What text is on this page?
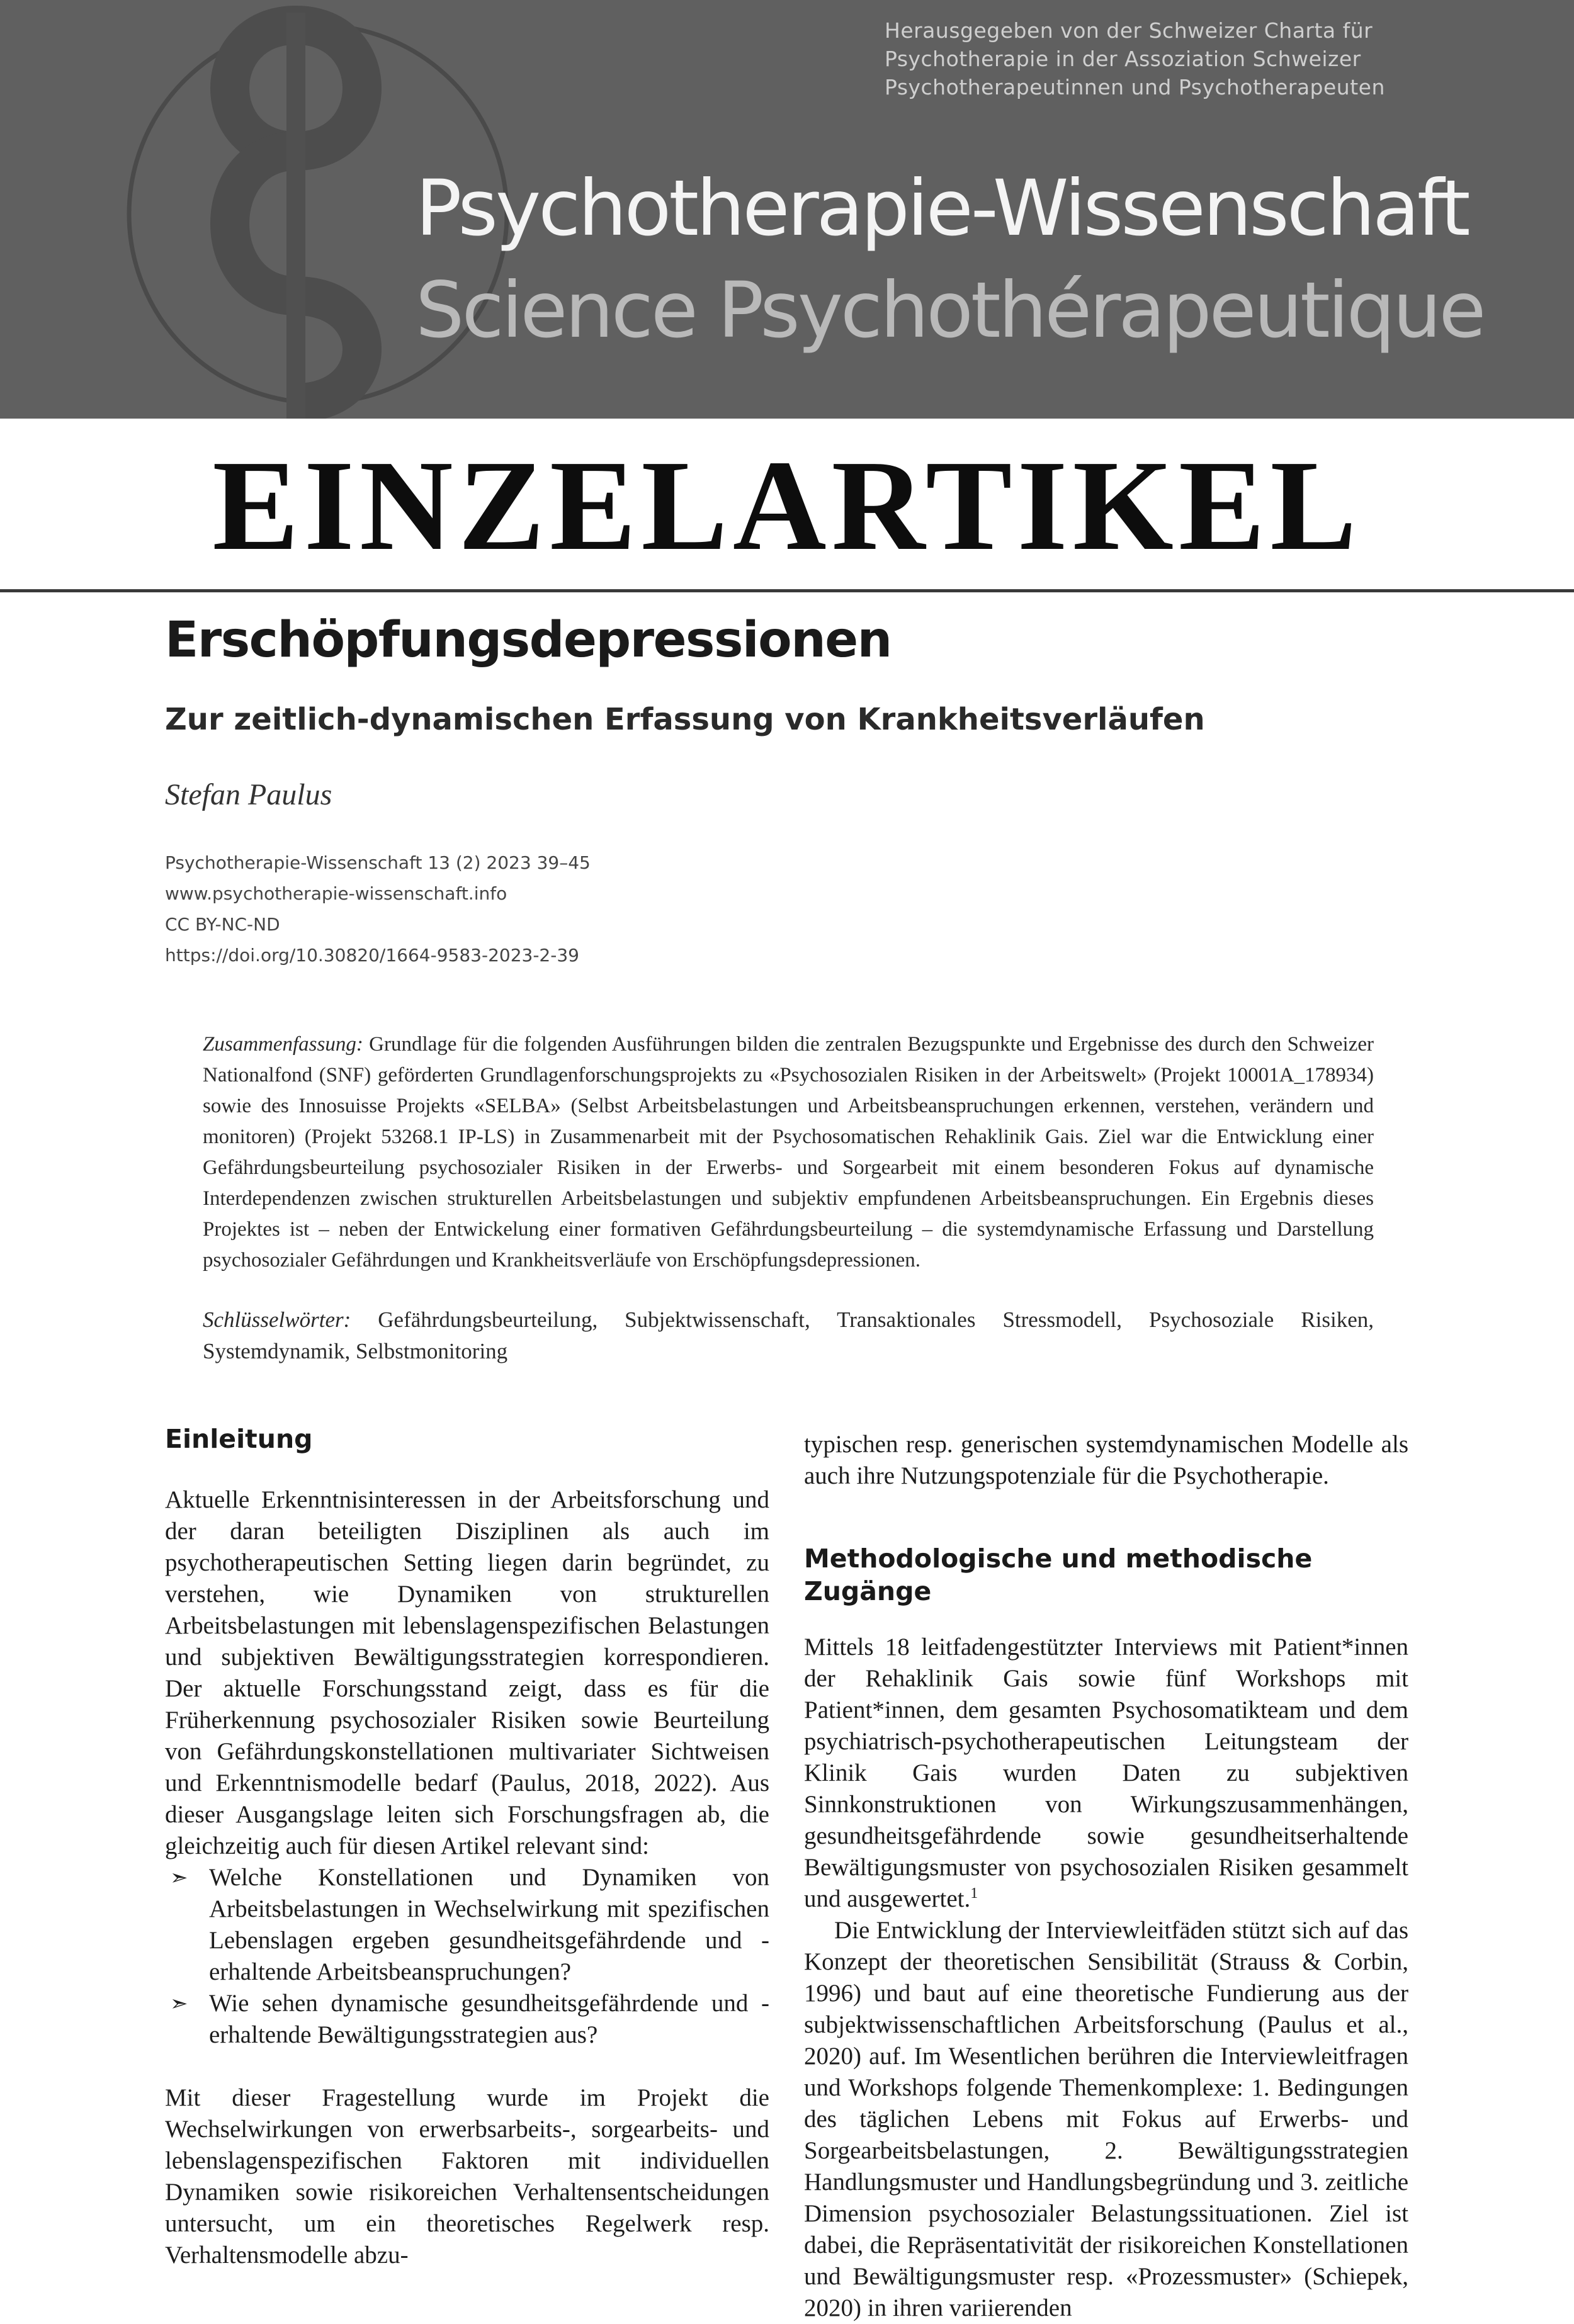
Herausgegeben von der Schweizer Charta für
Psychotherapie in der Assoziation Schweizer
Psychotherapeutinnen und Psychotherapeuten
Psychotherapie-Wissenschaft
Science Psychothérapeutique
EINZELARTIKEL
Erschöpfungsdepressionen
Zur zeitlich-dynamischen Erfassung von Krankheitsverläufen
Stefan Paulus
Psychotherapie-Wissenschaft 13 (2) 2023 39–45
www.psychotherapie-wissenschaft.info
CC BY-NC-ND
https://doi.org/10.30820/1664-9583-2023-2-39
Zusammenfassung: Grundlage für die folgenden Ausführungen bilden die zentralen Bezugspunkte und Ergebnisse des durch den Schweizer Nationalfond (SNF) geförderten Grundlagenforschungsprojekts zu «Psychosozialen Risiken in der Arbeitswelt» (Projekt 10001A_178934) sowie des Innosuisse Projekts «SELBA» (Selbst Arbeitsbelastungen und Arbeitsbeanspruchungen erkennen, verstehen, verändern und monitoren) (Projekt 53268.1 IP-LS) in Zusammenarbeit mit der Psychosomatischen Rehaklinik Gais. Ziel war die Entwicklung einer Gefährdungsbeurteilung psychosozialer Risiken in der Erwerbs- und Sorgearbeit mit einem besonderen Fokus auf dynamische Interdependenzen zwischen strukturellen Arbeitsbelastungen und subjektiv empfundenen Arbeitsbeanspruchungen. Ein Ergebnis dieses Projektes ist – neben der Entwickelung einer formativen Gefährdungsbeurteilung – die systemdynamische Erfassung und Darstellung psychosozialer Gefährdungen und Krankheitsverläufe von Erschöpfungsdepressionen.
Schlüsselwörter: Gefährdungsbeurteilung, Subjektwissenschaft, Transaktionales Stressmodell, Psychosoziale Risiken, Systemdynamik, Selbstmonitoring
Einleitung

Aktuelle Erkenntnisinteressen in der Arbeitsforschung und der daran beteiligten Disziplinen als auch im psychotherapeutischen Setting liegen darin begründet, zu verstehen, wie Dynamiken von strukturellen Arbeitsbelastungen mit lebenslagenspezifischen Belastungen und subjektiven Bewältigungsstrategien korrespondieren. Der aktuelle Forschungsstand zeigt, dass es für die Früherkennung psychosozialer Risiken sowie Beurteilung von Gefährdungskonstellationen multivariater Sichtweisen und Erkenntnismodelle bedarf (Paulus, 2018, 2022). Aus dieser Ausgangslage leiten sich Forschungsfragen ab, die gleichzeitig auch für diesen Artikel relevant sind:

➣ Welche Konstellationen und Dynamiken von Arbeitsbelastungen in Wechselwirkung mit spezifischen Lebenslagen ergeben gesundheitsgefährdende und -erhaltende Arbeitsbeanspruchungen?
➣ Wie sehen dynamische gesundheitsgefährdende und -erhaltende Bewältigungsstrategien aus?

Mit dieser Fragestellung wurde im Projekt die Wechselwirkungen von erwerbsarbeits-, sorgearbeits- und lebenslagenspezifischen Faktoren mit individuellen Dynamiken sowie risikoreichen Verhaltensentscheidungen untersucht, um ein theoretisches Regelwerk resp. Verhaltensmodelle abzu-

typischen resp. generischen systemdynamischen Modelle als auch ihre Nutzungspotenziale für die Psychotherapie.

Methodologische und methodische Zugänge

Mittels 18 leitfadengestützter Interviews mit Patient*innen der Rehaklinik Gais sowie fünf Workshops mit Patient*innen, dem gesamten Psychosomatikteam und dem psychiatrisch-psychotherapeutischen Leitungsteam der Klinik Gais wurden Daten zu subjektiven Sinnkonstruktionen von Wirkungszusammenhängen, gesundheitsgefährdende sowie gesundheitserhaltende Bewältigungsmuster von psychosozialen Risiken gesammelt und ausgewertet.$^1$

Die Entwicklung der Interviewleitfäden stützt sich auf das Konzept der theoretischen Sensibilität (Strauss & Corbin, 1996) und baut auf eine theoretische Fundierung aus der subjektwissenschaftlichen Arbeitsforschung (Paulus et al., 2020) auf. Im Wesentlichen berühren die Interviewleitfragen und Workshops folgende Themenkomplexe: 1. Bedingungen des täglichen Lebens mit Fokus auf Erwerbs- und Sorgearbeitsbelastungen, 2. Bewältigungsstrategien Handlungsmuster und Handlungsbegründung und 3. zeitliche Dimension psychosozialer Belastungssituationen. Ziel ist dabei, die Repräsentativität der risikoreichen Konstellationen und Bewältigungsmuster resp. «Prozessmuster» (Schiepek, 2020) in ihren variierenden
